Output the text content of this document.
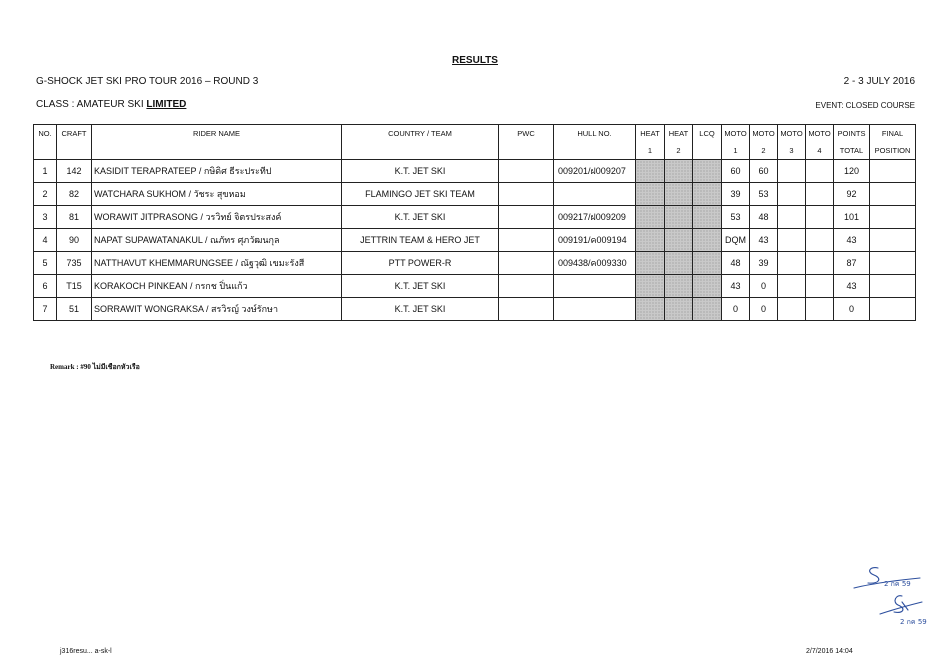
RESULTS
G-SHOCK JET SKI PRO TOUR 2016 – ROUND 3	2 - 3 JULY 2016
CLASS : AMATEUR SKI LIMITED	EVENT: CLOSED COURSE
NO.	CRAFT	RIDER NAME	COUNTRY / TEAM	PWC	HULL NO.	HEAT	HEAT	LCQ	MOTO	MOTO	MOTO	MOTO	POINTS	FINAL
						1	2		1	2	3	4	TOTAL	POSITION
1	142	KASIDIT TERAPRATEEP / กษิดิศ ธีระประทีป	K.T. JET SKI		009201/ฝ009207				60	60			120	
2	82	WATCHARA SUKHOM / วัชระ สุขหอม	FLAMINGO JET SKI TEAM						39	53			92	
3	81	WORAWIT JITPRASONG / วรวิทย์ จิตรประสงค์	K.T. JET SKI		009217/ฝ009209				53	48			101	
4	90	NAPAT SUPAWATANAKUL / ณภัทร ศุภวัฒนกุล	JETTRIN TEAM & HERO JET		009191/ค009194				DQM	43			43	
5	735	NATTHAVUT KHEMMARUNGSEE / ณัฐวุฒิ เขมะรังสี	PTT POWER-R		009438/ค009330				48	39			87	
6	T15	KORAKOCH PINKEAN / กรกช ปิ่นแก้ว	K.T. JET SKI						43	0			43	
7	51	SORRAWIT WONGRAKSA / สรวิรญ์ วงษ์รักษา	K.T. JET SKI						0	0			0	
Remark : #90 ไม่มีเชือกหัวเรือ
2 กค 59
2 กค 59
j316resu... a-sk-l	2/7/2016 14:04
